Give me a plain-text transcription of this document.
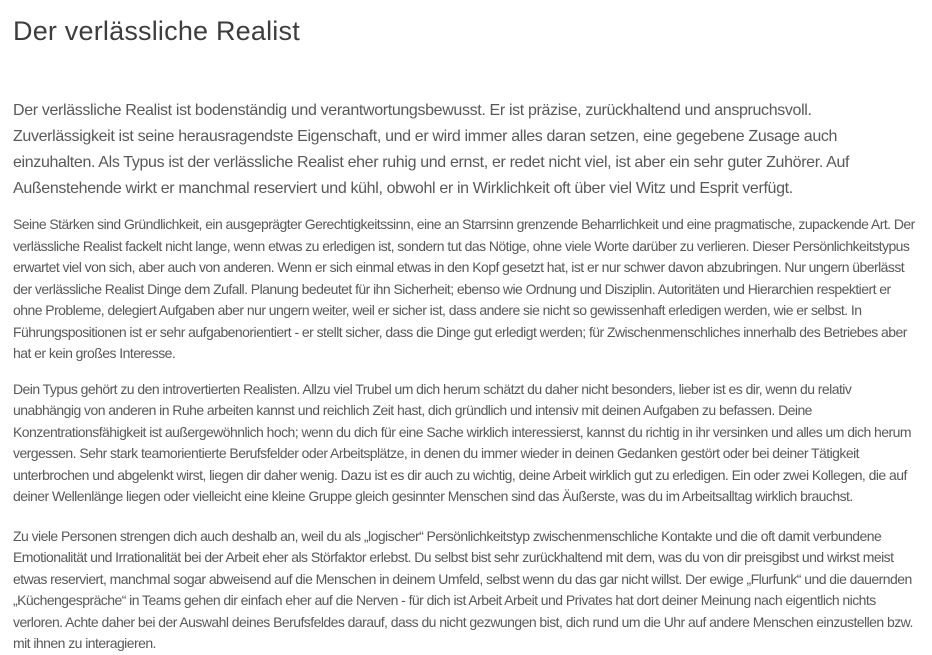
Der verlässliche Realist

Der verlässliche Realist ist bodenständig und verantwortungsbewusst. Er ist präzise, zurückhaltend und anspruchsvoll. Zuverlässigkeit ist seine herausragendste Eigenschaft, und er wird immer alles daran setzen, eine gegebene Zusage auch einzuhalten. Als Typus ist der verlässliche Realist eher ruhig und ernst, er redet nicht viel, ist aber ein sehr guter Zuhörer. Auf Außenstehende wirkt er manchmal reserviert und kühl, obwohl er in Wirklichkeit oft über viel Witz und Esprit verfügt.

Seine Stärken sind Gründlichkeit, ein ausgeprägter Gerechtigkeitssinn, eine an Starrsinn grenzende Beharrlichkeit und eine pragmatische, zupackende Art. Der verlässliche Realist fackelt nicht lange, wenn etwas zu erledigen ist, sondern tut das Nötige, ohne viele Worte darüber zu verlieren. Dieser Persönlichkeitstypus erwartet viel von sich, aber auch von anderen. Wenn er sich einmal etwas in den Kopf gesetzt hat, ist er nur schwer davon abzubringen. Nur ungern überlässt der verlässliche Realist Dinge dem Zufall. Planung bedeutet für ihn Sicherheit; ebenso wie Ordnung und Disziplin. Autoritäten und Hierarchien respektiert er ohne Probleme, delegiert Aufgaben aber nur ungern weiter, weil er sicher ist, dass andere sie nicht so gewissenhaft erledigen werden, wie er selbst. In Führungspositionen ist er sehr aufgabenorientiert - er stellt sicher, dass die Dinge gut erledigt werden; für Zwischenmenschliches innerhalb des Betriebes aber hat er kein großes Interesse.

Dein Typus gehört zu den introvertierten Realisten. Allzu viel Trubel um dich herum schätzt du daher nicht besonders, lieber ist es dir, wenn du relativ unabhängig von anderen in Ruhe arbeiten kannst und reichlich Zeit hast, dich gründlich und intensiv mit deinen Aufgaben zu befassen. Deine Konzentrationsfähigkeit ist außergewöhnlich hoch; wenn du dich für eine Sache wirklich interessierst, kannst du richtig in ihr versinken und alles um dich herum vergessen. Sehr stark teamorientierte Berufsfelder oder Arbeitsplätze, in denen du immer wieder in deinen Gedanken gestört oder bei deiner Tätigkeit unterbrochen und abgelenkt wirst, liegen dir daher wenig. Dazu ist es dir auch zu wichtig, deine Arbeit wirklich gut zu erledigen. Ein oder zwei Kollegen, die auf deiner Wellenlänge liegen oder vielleicht eine kleine Gruppe gleich gesinnter Menschen sind das Äußerste, was du im Arbeitsalltag wirklich brauchst.

Zu viele Personen strengen dich auch deshalb an, weil du als „logischer“ Persönlichkeitstyp zwischenmenschliche Kontakte und die oft damit verbundene Emotionalität und Irrationalität bei der Arbeit eher als Störfaktor erlebst. Du selbst bist sehr zurückhaltend mit dem, was du von dir preisgibst und wirkst meist etwas reserviert, manchmal sogar abweisend auf die Menschen in deinem Umfeld, selbst wenn du das gar nicht willst. Der ewige „Flurfunk“ und die dauernden „Küchengespräche“ in Teams gehen dir einfach eher auf die Nerven - für dich ist Arbeit Arbeit und Privates hat dort deiner Meinung nach eigentlich nichts verloren. Achte daher bei der Auswahl deines Berufsfeldes darauf, dass du nicht gezwungen bist, dich rund um die Uhr auf andere Menschen einzustellen bzw. mit ihnen zu interagieren.
